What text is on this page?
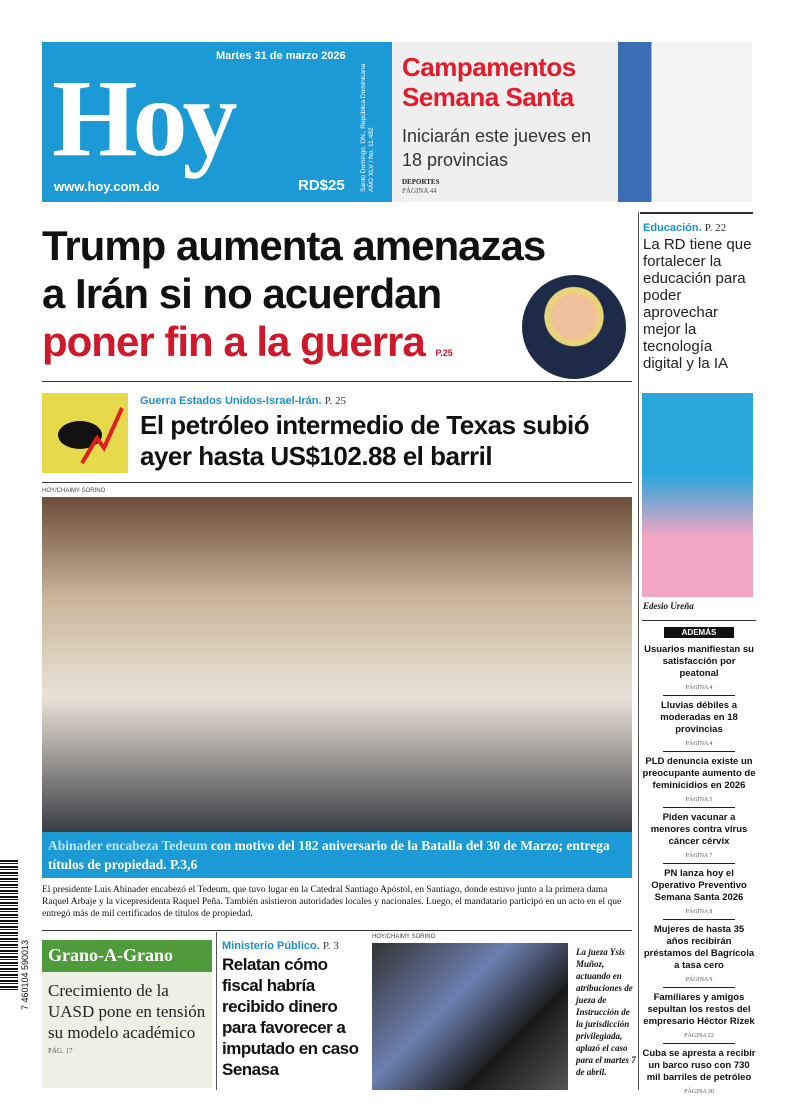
Hoy
Martes 31 de marzo 2026
www.hoy.com.do	RD$25 Santo Domingo, DN., República Dominicana AÑO XLV / No. 11,482
Campamentos Semana Santa
Iniciarán este jueves en 18 provincias
DEPORTES
PÁGINA 44
Trump aumenta amenazas
a Irán si no acuerdan
poner fin a la guerra P.25
Guerra Estados Unidos-Israel-Irán. P. 25
El petróleo intermedio de Texas subió ayer hasta US$102.88 el barril
HOY/CHAIMY SORINO
Abinader encabeza Tedeum con motivo del 182 aniversario de la Batalla del 30 de Marzo; entrega títulos de propiedad. P.3,6
El presidente Luis Abinader encabezó el Tedeum, que tuvo lugar en la Catedral Santiago Apóstol, en Santiago, donde estuvo junto a la primera dama Raquel Arbaje y la vicepresidenta Raquel Peña. También asistieron autoridades locales y nacionales. Luego, el mandatario participó en un acto en el que entregó más de mil certificados de títulos de propiedad.
Grano-A-Grano
Crecimiento de la UASD pone en tensión su modelo académico
PÁG. 17
Ministerio Público. P. 3
Relatan cómo fiscal habría recibido dinero para favorecer a imputado en caso Senasa
HOY/CHAIMY SORINO
La jueza Ysis Muñoz, actuando en atribuciones de jueza de Instrucción de la jurisdicción privilegiada, aplazó el caso para el martes 7 de abril.
Educación. P. 22
La RD tiene que fortalecer la educación para poder aprovechar mejor la tecnología digital y la IA
Edesio Ureña
ADEMÁS
Usuarios manifiestan su satisfacción por peatonal
PÁGINA 4
Lluvias débiles a moderadas en 18 provincias
PÁGINA 4
PLD denuncia existe un preocupante aumento de feminicidios en 2026
PÁGINA 5
Piden vacunar a menores contra virus cáncer cérvix
PÁGINA 7
PN lanza hoy el Operativo Preventivo Semana Santa 2026
PÁGINA 8
Mujeres de hasta 35 años recibirán préstamos del Bagrícola a tasa cero
PÁGINA 9
Familiares y amigos sepultan los restos del empresario Héctor Rizek
PÁGINA 22
Cuba se apresta a recibir un barco ruso con 730 mil barriles de petróleo
PÁGINA 30
7 460104 590013
